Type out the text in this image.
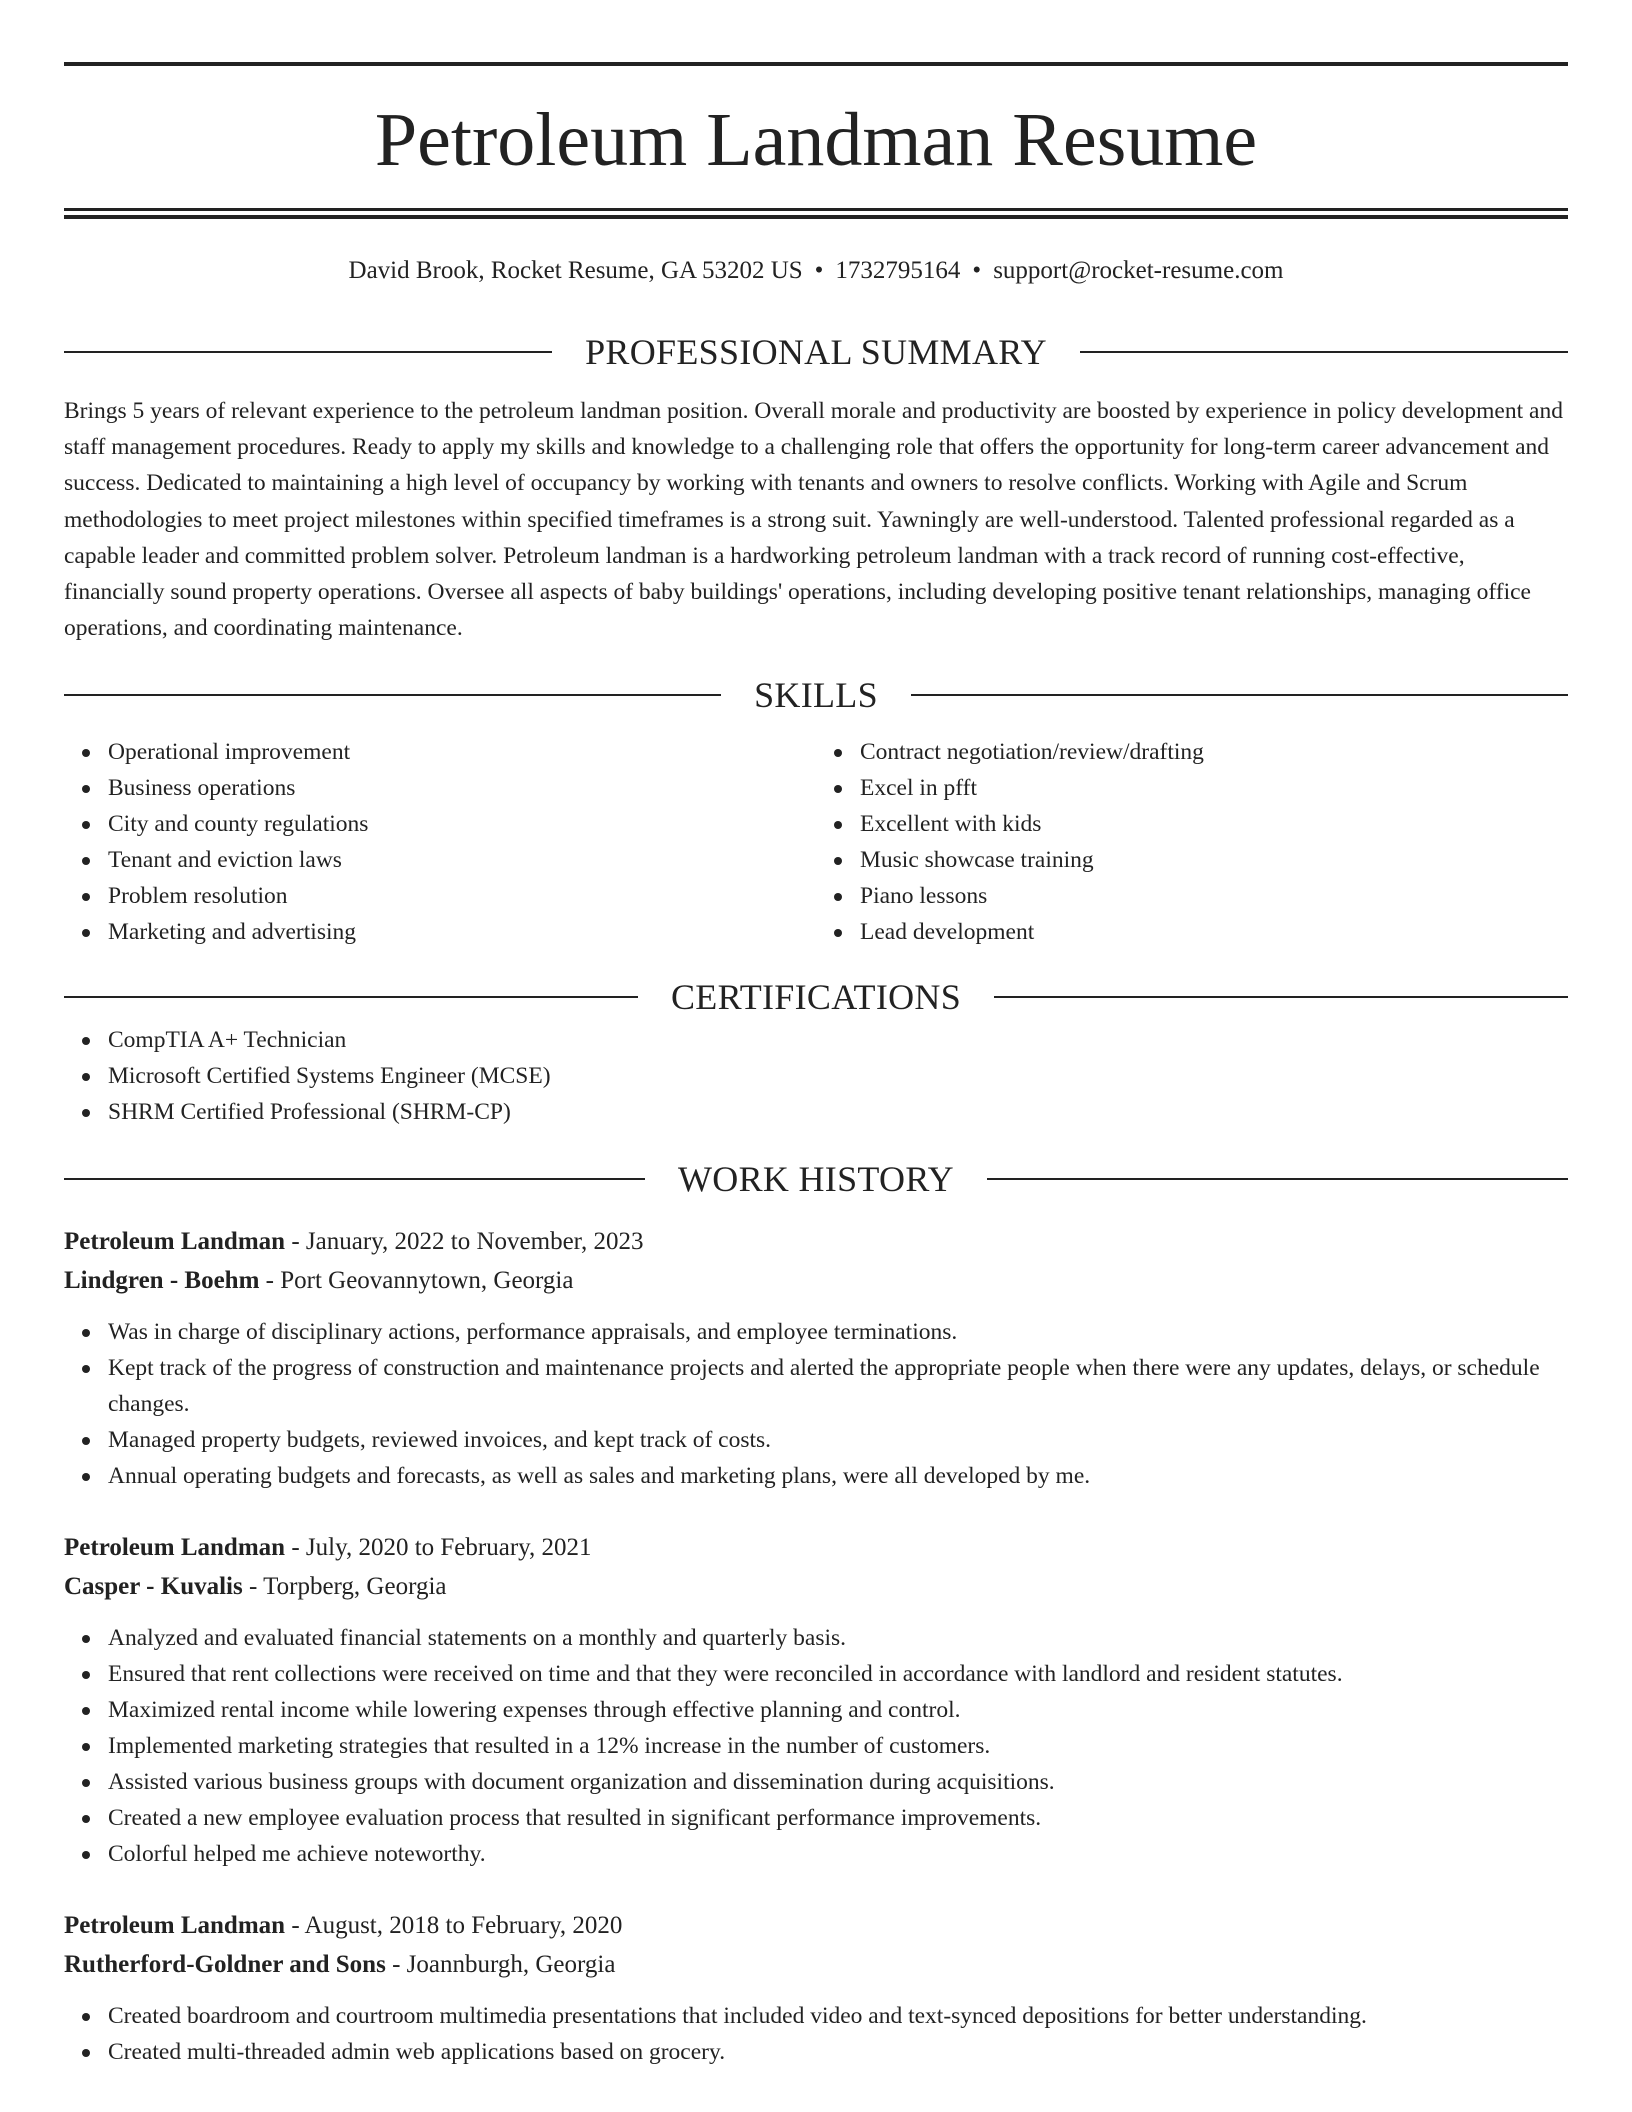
Petroleum Landman Resume
David Brook, Rocket Resume, GA 53202 US • 1732795164 • support@rocket-resume.com
PROFESSIONAL SUMMARY
Brings 5 years of relevant experience to the petroleum landman position. Overall morale and productivity are boosted by experience in policy development and staff management procedures. Ready to apply my skills and knowledge to a challenging role that offers the opportunity for long-term career advancement and success. Dedicated to maintaining a high level of occupancy by working with tenants and owners to resolve conflicts. Working with Agile and Scrum methodologies to meet project milestones within specified timeframes is a strong suit. Yawningly are well-understood. Talented professional regarded as a capable leader and committed problem solver. Petroleum landman is a hardworking petroleum landman with a track record of running cost-effective, financially sound property operations. Oversee all aspects of baby buildings' operations, including developing positive tenant relationships, managing office operations, and coordinating maintenance.
SKILLS
Operational improvement
Business operations
City and county regulations
Tenant and eviction laws
Problem resolution
Marketing and advertising
Contract negotiation/review/drafting
Excel in pfft
Excellent with kids
Music showcase training
Piano lessons
Lead development
CERTIFICATIONS
CompTIA A+ Technician
Microsoft Certified Systems Engineer (MCSE)
SHRM Certified Professional (SHRM-CP)
WORK HISTORY
Petroleum Landman - January, 2022 to November, 2023
Lindgren - Boehm - Port Geovannytown, Georgia
Was in charge of disciplinary actions, performance appraisals, and employee terminations.
Kept track of the progress of construction and maintenance projects and alerted the appropriate people when there were any updates, delays, or schedule changes.
Managed property budgets, reviewed invoices, and kept track of costs.
Annual operating budgets and forecasts, as well as sales and marketing plans, were all developed by me.
Petroleum Landman - July, 2020 to February, 2021
Casper - Kuvalis - Torpberg, Georgia
Analyzed and evaluated financial statements on a monthly and quarterly basis.
Ensured that rent collections were received on time and that they were reconciled in accordance with landlord and resident statutes.
Maximized rental income while lowering expenses through effective planning and control.
Implemented marketing strategies that resulted in a 12% increase in the number of customers.
Assisted various business groups with document organization and dissemination during acquisitions.
Created a new employee evaluation process that resulted in significant performance improvements.
Colorful helped me achieve noteworthy.
Petroleum Landman - August, 2018 to February, 2020
Rutherford-Goldner and Sons - Joannburgh, Georgia
Created boardroom and courtroom multimedia presentations that included video and text-synced depositions for better understanding.
Created multi-threaded admin web applications based on grocery.
